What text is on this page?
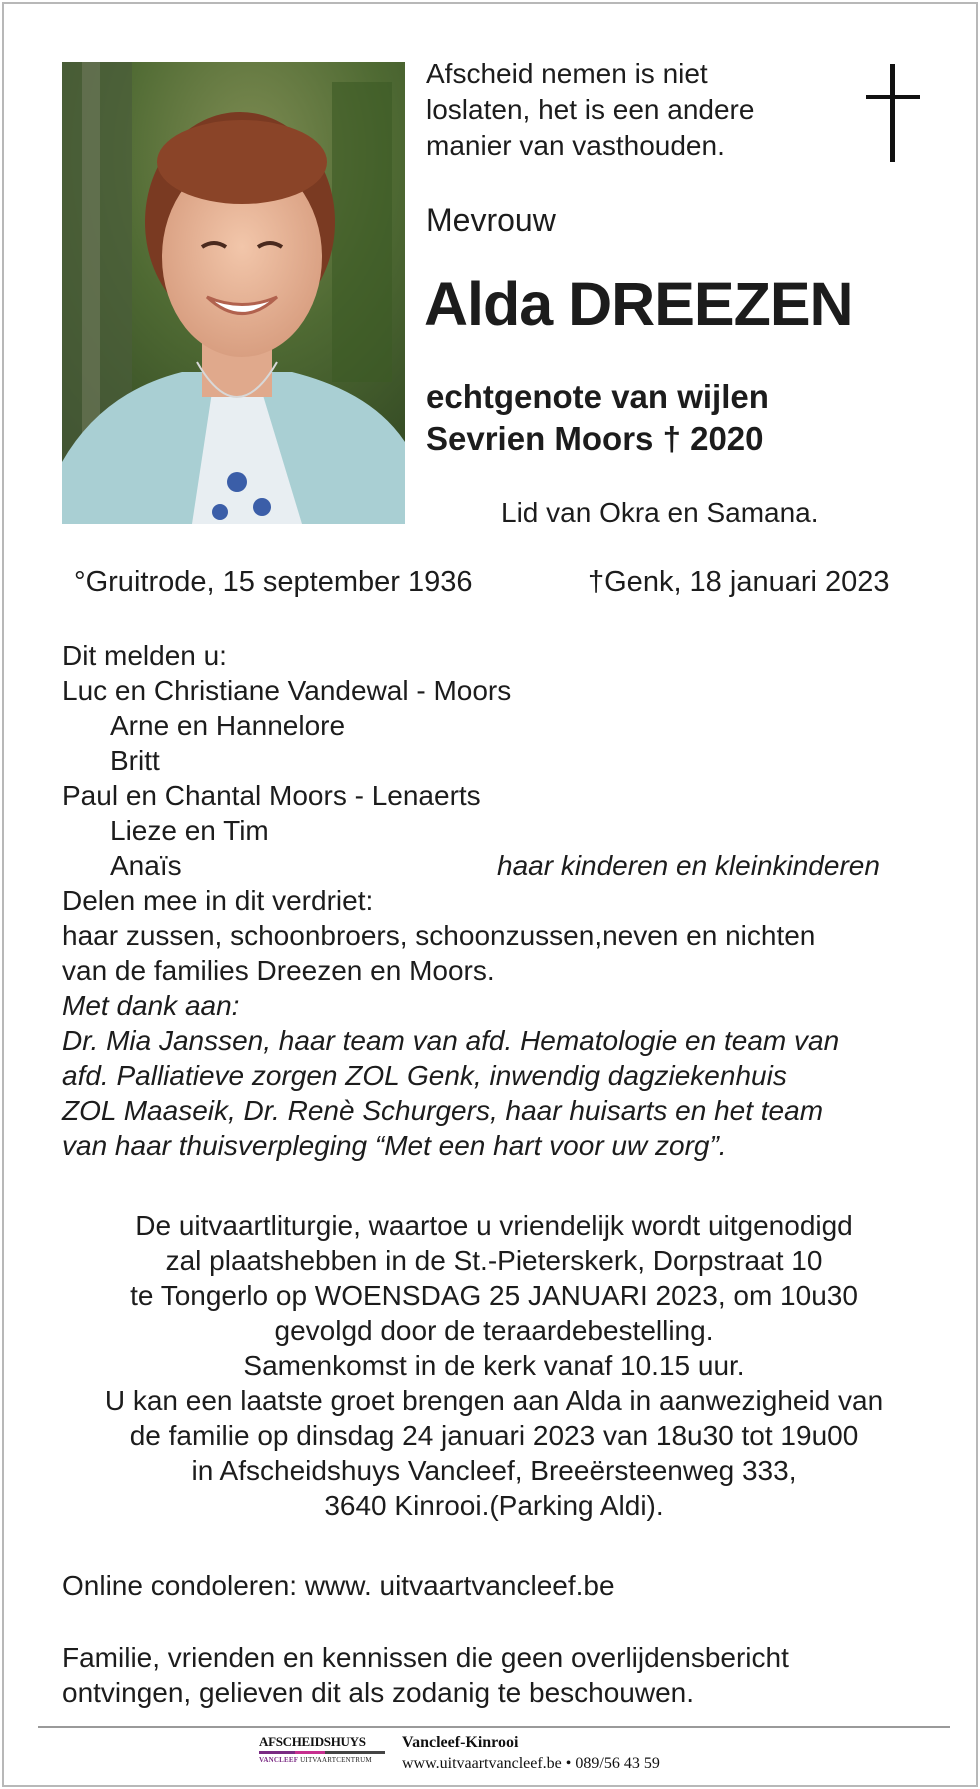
Afscheid nemen is niet
loslaten, het is een andere
manier van vasthouden.
Mevrouw
Alda DREEZEN
echtgenote van wijlen
Sevrien Moors † 2020
Lid van Okra en Samana.
°Gruitrode, 15 september 1936	†Genk, 18 januari 2023
Dit melden u:
Luc en Christiane Vandewal - Moors
Arne en Hannelore
Britt
Paul en Chantal Moors - Lenaerts
Lieze en Tim
Anaïs	haar kinderen en kleinkinderen
Delen mee in dit verdriet:
haar zussen, schoonbroers, schoonzussen,neven en nichten
van de families Dreezen en Moors.
Met dank aan:
Dr. Mia Janssen, haar team van afd. Hematologie en team van
afd. Palliatieve zorgen ZOL Genk, inwendig dagziekenhuis
ZOL Maaseik, Dr. Renè Schurgers, haar huisarts en het team
van haar thuisverpleging “Met een hart voor uw zorg”.
De uitvaartliturgie, waartoe u vriendelijk wordt uitgenodigd
zal plaatshebben in de St.-Pieterskerk, Dorpstraat 10
te Tongerlo op WOENSDAG 25 JANUARI 2023, om 10u30
gevolgd door de teraardebestelling.
Samenkomst in de kerk vanaf 10.15 uur.
U kan een laatste groet brengen aan Alda in aanwezigheid van
de familie op dinsdag 24 januari 2023 van 18u30 tot 19u00
in Afscheidshuys Vancleef, Breeërsteenweg 333,
3640 Kinrooi.(Parking Aldi).
Online condoleren: www. uitvaartvancleef.be
Familie, vrienden en kennissen die geen overlijdensbericht
ontvingen, gelieven dit als zodanig te beschouwen.
AFSCHEIDSHUYS
VANCLEEF UITVAARTCENTRUM
Vancleef-Kinrooi
www.uitvaartvancleef.be • 089/56 43 59
